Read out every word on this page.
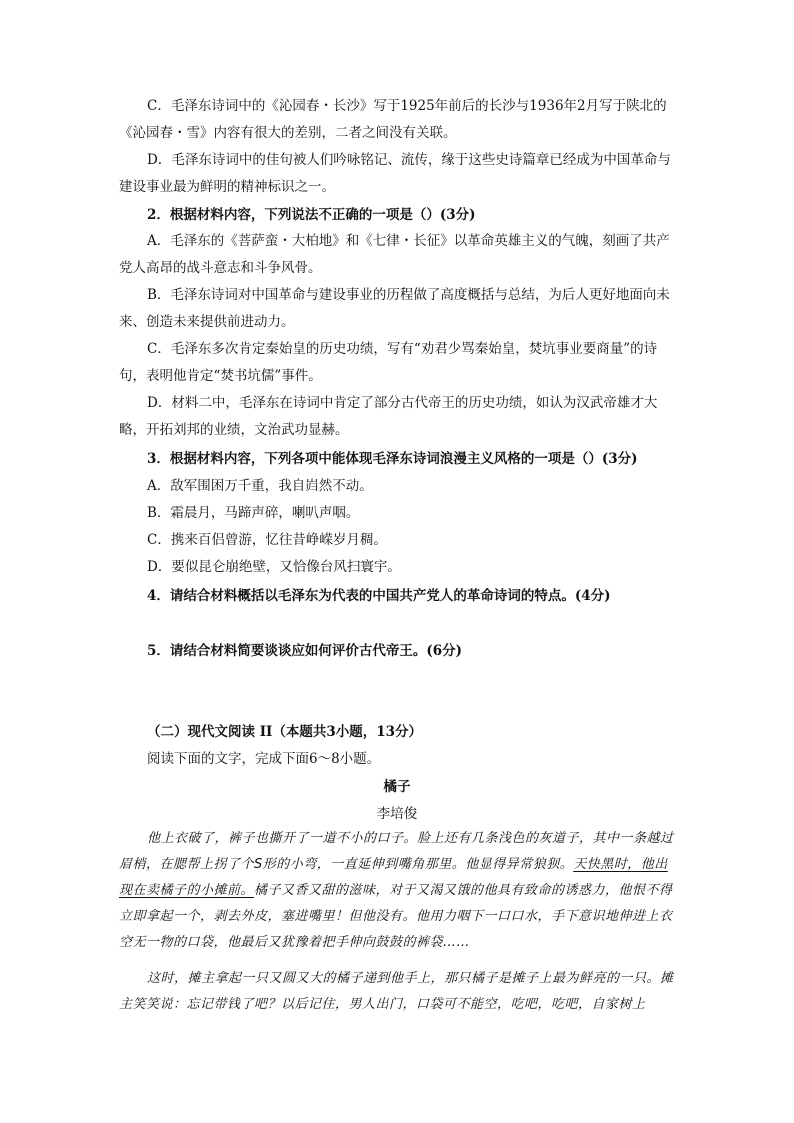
C．毛泽东诗词中的《沁园春・长沙》写于1925年前后的长沙与1936年2月写于陕北的《沁园春・雪》内容有很大的差别，二者之间没有关联。

D．毛泽东诗词中的佳句被人们吟咏铭记、流传，缘于这些史诗篇章已经成为中国革命与建设事业最为鲜明的精神标识之一。

2．根据材料内容，下列说法不正确的一项是（）(3分)

A．毛泽东的《菩萨蛮・大柏地》和《七律・长征》以革命英雄主义的气魄，刻画了共产党人高昂的战斗意志和斗争风骨。

B．毛泽东诗词对中国革命与建设事业的历程做了高度概括与总结，为后人更好地面向未来、创造未来提供前进动力。

C．毛泽东多次肯定秦始皇的历史功绩，写有“劝君少骂秦始皇，焚坑事业要商量”的诗句，表明他肯定“焚书坑儒”事件。

D．材料二中，毛泽东在诗词中肯定了部分古代帝王的历史功绩，如认为汉武帝雄才大略，开拓刘邦的业绩，文治武功显赫。

3．根据材料内容，下列各项中能体现毛泽东诗词浪漫主义风格的一项是（）(3分)

A．敌军围困万千重，我自岿然不动。

B．霜晨月，马蹄声碎，喇叭声咽。

C．携来百侣曾游，忆往昔峥嵘岁月稠。

D．要似昆仑崩绝壁，又恰像台风扫寰宇。

4．请结合材料概括以毛泽东为代表的中国共产党人的革命诗词的特点。(4分)

5．请结合材料简要谈谈应如何评价古代帝王。(6分)

（二）现代文阅读 II（本题共3小题，13分）

阅读下面的文字，完成下面6～8小题。

橘子

李培俊

他上衣破了，裤子也撕开了一道不小的口子。脸上还有几条浅色的灰道子，其中一条越过眉梢，在腮帮上拐了个S形的小弯，一直延伸到嘴角那里。他显得异常狼狈。天快黑时，他出现在卖橘子的小摊前。橘子又香又甜的滋味，对于又渴又饿的他具有致命的诱惑力，他恨不得立即拿起一个，剥去外皮，塞进嘴里！但他没有。他用力咽下一口口水，手下意识地伸进上衣空无一物的口袋，他最后又犹豫着把手伸向鼓鼓的裤袋……

这时，摊主拿起一只又圆又大的橘子递到他手上，那只橘子是摊子上最为鲜亮的一只。摊主笑笑说：忘记带钱了吧？以后记住，男人出门，口袋可不能空，吃吧，吃吧，自家树上
